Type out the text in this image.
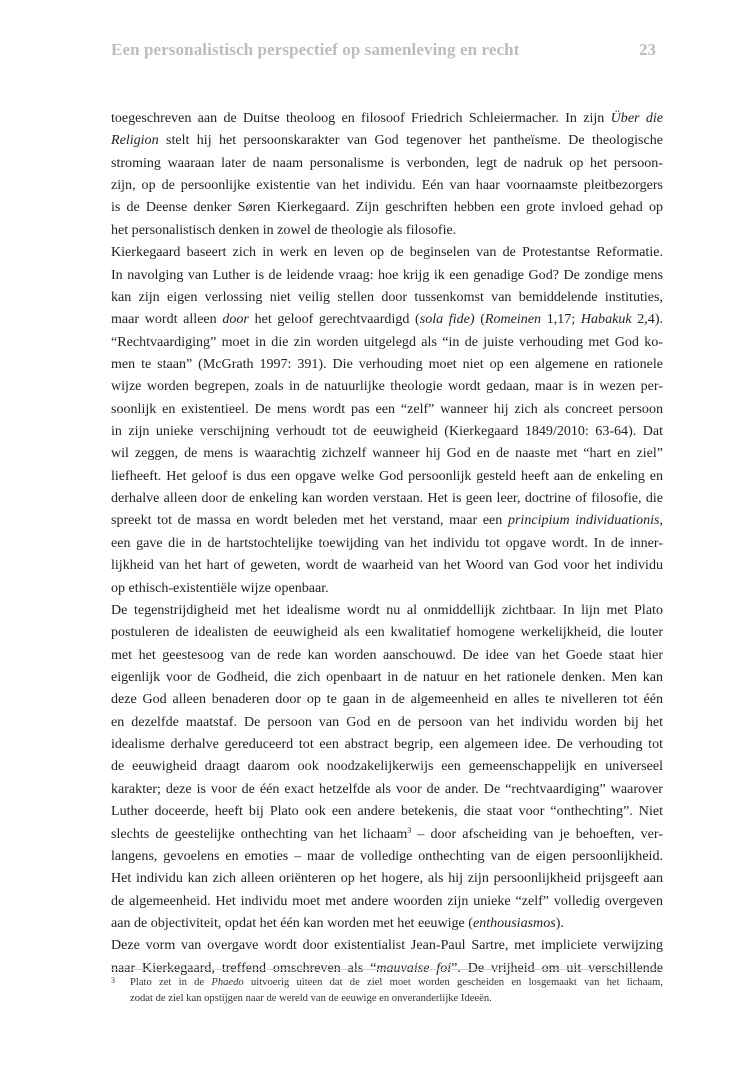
Een personalistisch perspectief op samenleving en recht	23

toegeschreven aan de Duitse theoloog en filosoof Friedrich Schleiermacher. In zijn Über die
Religion stelt hij het persoonskarakter van God tegenover het pantheïsme. De theologische
stroming waaraan later de naam personalisme is verbonden, legt de nadruk op het persoon-
zijn, op de persoonlijke existentie van het individu. Eén van haar voornaamste pleitbezorgers
is de Deense denker Søren Kierkegaard. Zijn geschriften hebben een grote invloed gehad op
het personalistisch denken in zowel de theologie als filosofie.

Kierkegaard baseert zich in werk en leven op de beginselen van de Protestantse Reformatie.
In navolging van Luther is de leidende vraag: hoe krijg ik een genadige God? De zondige mens
kan zijn eigen verlossing niet veilig stellen door tussenkomst van bemiddelende instituties,
maar wordt alleen door het geloof gerechtvaardigd (sola fide) (Romeinen 1,17; Habakuk 2,4).
“Rechtvaardiging” moet in die zin worden uitgelegd als “in de juiste verhouding met God ko-
men te staan” (McGrath 1997: 391). Die verhouding moet niet op een algemene en rationele
wijze worden begrepen, zoals in de natuurlijke theologie wordt gedaan, maar is in wezen per-
soonlijk en existentieel. De mens wordt pas een “zelf” wanneer hij zich als concreet persoon
in zijn unieke verschijning verhoudt tot de eeuwigheid (Kierkegaard 1849/2010: 63-64). Dat
wil zeggen, de mens is waarachtig zichzelf wanneer hij God en de naaste met “hart en ziel”
liefheeft. Het geloof is dus een opgave welke God persoonlijk gesteld heeft aan de enkeling en
derhalve alleen door de enkeling kan worden verstaan. Het is geen leer, doctrine of filosofie, die
spreekt tot de massa en wordt beleden met het verstand, maar een principium individuationis,
een gave die in de hartstochtelijke toewijding van het individu tot opgave wordt. In de inner-
lijkheid van het hart of geweten, wordt de waarheid van het Woord van God voor het individu
op ethisch-existentiële wijze openbaar.

De tegenstrijdigheid met het idealisme wordt nu al onmiddellijk zichtbaar. In lijn met Plato
postuleren de idealisten de eeuwigheid als een kwalitatief homogene werkelijkheid, die louter
met het geestesoog van de rede kan worden aanschouwd. De idee van het Goede staat hier
eigenlijk voor de Godheid, die zich openbaart in de natuur en het rationele denken. Men kan
deze God alleen benaderen door op te gaan in de algemeenheid en alles te nivelleren tot één
en dezelfde maatstaf. De persoon van God en de persoon van het individu worden bij het
idealisme derhalve gereduceerd tot een abstract begrip, een algemeen idee. De verhouding tot
de eeuwigheid draagt daarom ook noodzakelijkerwijs een gemeenschappelijk en universeel
karakter; deze is voor de één exact hetzelfde als voor de ander. De “rechtvaardiging” waarover
Luther doceerde, heeft bij Plato ook een andere betekenis, die staat voor “onthechting”. Niet
slechts de geestelijke onthechting van het lichaam$^3$ – door afscheiding van je behoeften, ver-
langens, gevoelens en emoties – maar de volledige onthechting van de eigen persoonlijkheid.
Het individu kan zich alleen oriënteren op het hogere, als hij zijn persoonlijkheid prijsgeeft aan
de algemeenheid. Het individu moet met andere woorden zijn unieke “zelf” volledig overgeven
aan de objectiviteit, opdat het één kan worden met het eeuwige (enthousiasmos).

Deze vorm van overgave wordt door existentialist Jean-Paul Sartre, met impliciete verwijzing
naar Kierkegaard, treffend omschreven als “mauvaise foi”. De vrijheid om uit verschillende

3 Plato zet in de Phaedo uitvoerig uiteen dat de ziel moet worden gescheiden en losgemaakt van het lichaam,
zodat de ziel kan opstijgen naar de wereld van de eeuwige en onveranderlijke Ideeën.
